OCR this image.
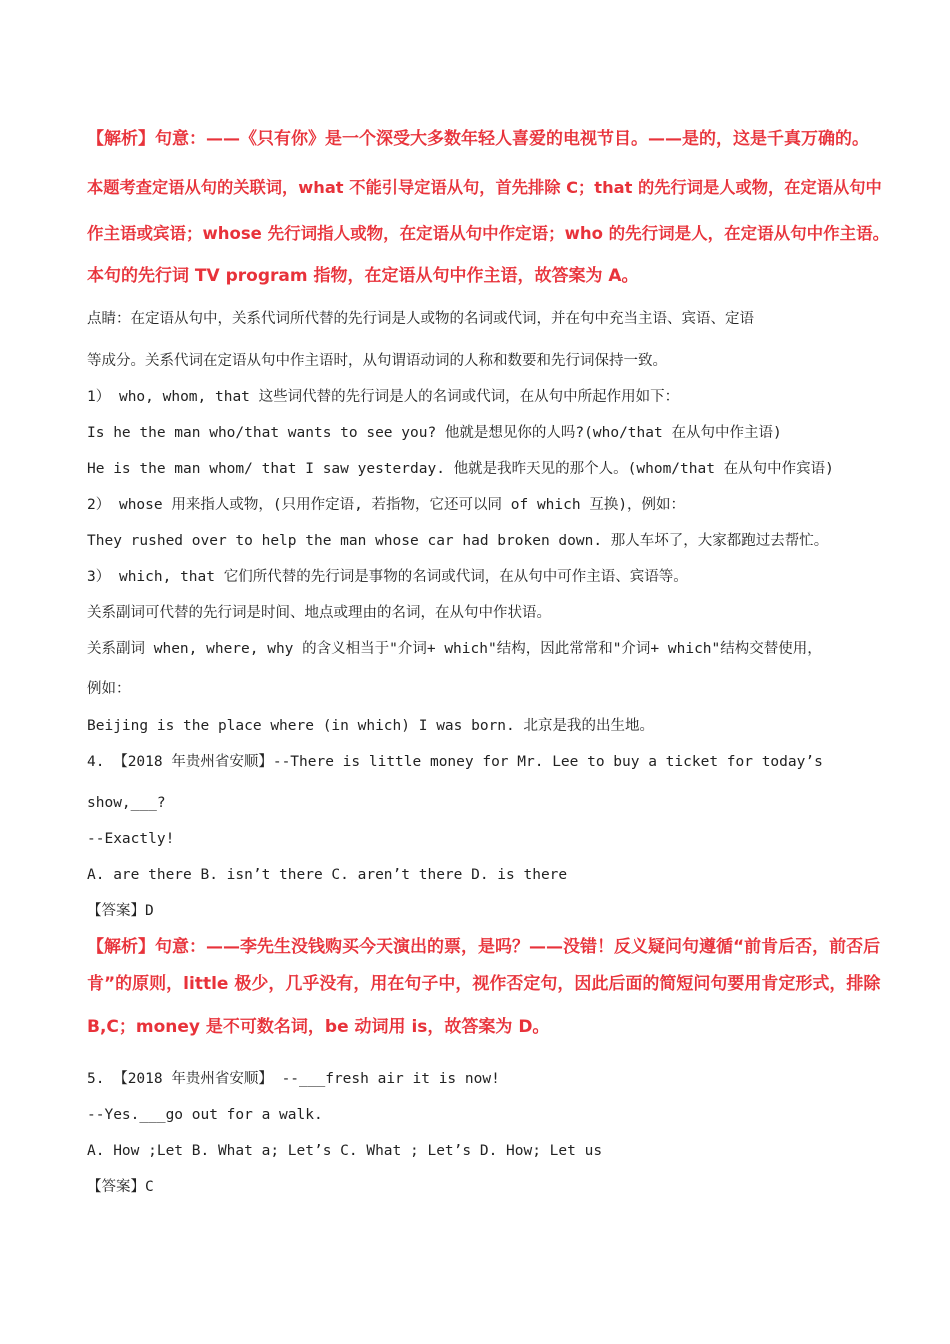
【解析】句意：——《只有你》是一个深受大多数年轻人喜爱的电视节目。——是的，这是千真万确的。
本题考查定语从句的关联词，what 不能引导定语从句，首先排除 C；that 的先行词是人或物，在定语从句中
作主语或宾语；whose 先行词指人或物，在定语从句中作定语；who 的先行词是人，在定语从句中作主语。
本句的先行词 TV program 指物，在定语从句中作主语，故答案为 A。
点睛：在定语从句中，关系代词所代替的先行词是人或物的名词或代词，并在句中充当主语、宾语、定语
等成分。关系代词在定语从句中作主语时，从句谓语动词的人称和数要和先行词保持一致。
1） who, whom, that 这些词代替的先行词是人的名词或代词，在从句中所起作用如下：
Is he the man who/that wants to see you? 他就是想见你的人吗?(who/that 在从句中作主语)
He is the man whom/ that I saw yesterday. 他就是我昨天见的那个人。(whom/that 在从句中作宾语)
2） whose 用来指人或物，(只用作定语, 若指物，它还可以同 of which 互换)，例如：
They rushed over to help the man whose car had broken down. 那人车坏了，大家都跑过去帮忙。
3） which, that 它们所代替的先行词是事物的名词或代词，在从句中可作主语、宾语等。
关系副词可代替的先行词是时间、地点或理由的名词，在从句中作状语。
关系副词 when, where, why 的含义相当于"介词+ which"结构，因此常常和"介词+ which"结构交替使用，
例如：
Beijing is the place where (in which) I was born. 北京是我的出生地。
4. 【2018 年贵州省安顺】--There is little money for Mr. Lee to buy a ticket for today’s
show,___?
--Exactly!
A. are there B. isn’t there C. aren’t there D. is there
【答案】D
【解析】句意：——李先生没钱购买今天演出的票，是吗？——没错！反义疑问句遵循“前肯后否，前否后
肯”的原则，little 极少，几乎没有，用在句子中，视作否定句，因此后面的简短问句要用肯定形式，排除
B,C；money 是不可数名词，be 动词用 is，故答案为 D。
5. 【2018 年贵州省安顺】 --___fresh air it is now!
--Yes.___go out for a walk.
A. How ;Let B. What a; Let’s C. What ; Let’s D. How; Let us
【答案】C
